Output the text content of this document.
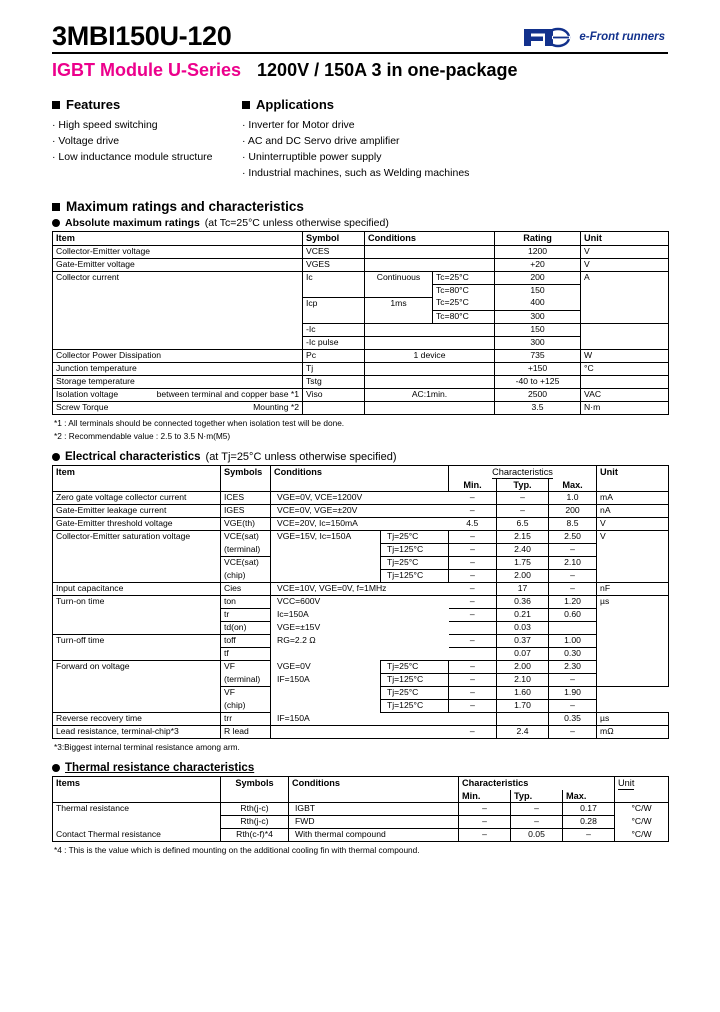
3MBI150U-120	e-Front runners
IGBT Module U-Series 1200V / 150A 3 in one-package
Features
· High speed switching
· Voltage drive
· Low inductance module structure
Applications
· Inverter for Motor drive
· AC and DC Servo drive amplifier
· Uninterruptible power supply
· Industrial machines, such as Welding machines
Maximum ratings and characteristics
Absolute maximum ratings (at Tc=25°C unless otherwise specified)
Item	Symbol	Conditions		Rating	Unit
Collector-Emitter voltage	VCES			1200	V
Gate-Emitter voltage	VGES			+20	V
Collector current	Ic	Continuous	Tc=25°C	200	A
			Tc=80°C	150	
	Icp	1ms	Tc=25°C	400	
			Tc=80°C	300	
	-Ic			150	
	-Ic pulse			300	
Collector Power Dissipation	Pc	1 device		735	W
Junction temperature	Tj			+150	°C
Storage temperature	Tstg			-40 to +125	

Isolation voltage between terminal and copper base *1	Viso	AC:1min.		2500	VAC

Screw Torque Mounting *2				3.5	N·m
*1 : All terminals should be connected together when isolation test will be done.
*2 : Recommendable value : 2.5 to 3.5 N·m(M5)
Electrical characteristics (at Tj=25°C unless otherwise specified)
Item	Symbols	Conditions		Characteristics			Unit
				Min.	Typ.	Max.	
Zero gate voltage collector current	ICES	VGE=0V, VCE=1200V		–	–	1.0	mA
Gate-Emitter leakage current	IGES	VCE=0V, VGE=±20V		–	–	200	nA
Gate-Emitter threshold voltage	VGE(th)	VCE=20V, Ic=150mA		4.5	6.5	8.5	V
Collector-Emitter saturation voltage	VCE(sat)	VGE=15V, Ic=150A	Tj=25°C	–	2.15	2.50	V
	(terminal)		Tj=125°C	–	2.40	–	
	VCE(sat)		Tj=25°C	–	1.75	2.10	
	(chip)		Tj=125°C	–	2.00	–	
Input capacitance	Cies	VCE=10V, VGE=0V, f=1MHz		–	17	–	nF
Turn-on time	ton	VCC=600V		–	0.36	1.20	µs
	tr	Ic=150A		–	0.21	0.60	
	td(on)	VGE=±15V			0.03		
Turn-off time	toff	RG=2.2 Ω		–	0.37	1.00	
	tf				0.07	0.30	
Forward on voltage	VF	VGE=0V	Tj=25°C	–	2.00	2.30	
	(terminal)	IF=150A	Tj=125°C	–	2.10	–	
	VF		Tj=25°C	–	1.60	1.90	
	(chip)		Tj=125°C	–	1.70	–	
Reverse recovery time	trr	IF=150A				0.35	µs
Lead resistance, terminal-chip*3	R lead			–	2.4	–	mΩ
*3:Biggest internal terminal resistance among arm.
Thermal resistance characteristics
Items	Symbols	Conditions	Characteristics			Unit
			Min.	Typ.	Max.	
Thermal resistance	Rth(j-c)	IGBT	–	–	0.17	°C/W
	Rth(j-c)	FWD	–	–	0.28	°C/W
Contact Thermal resistance	Rth(c-f)*4	With thermal compound	–	0.05	–	°C/W
*4 : This is the value which is defined mounting on the additional cooling fin with thermal compound.
